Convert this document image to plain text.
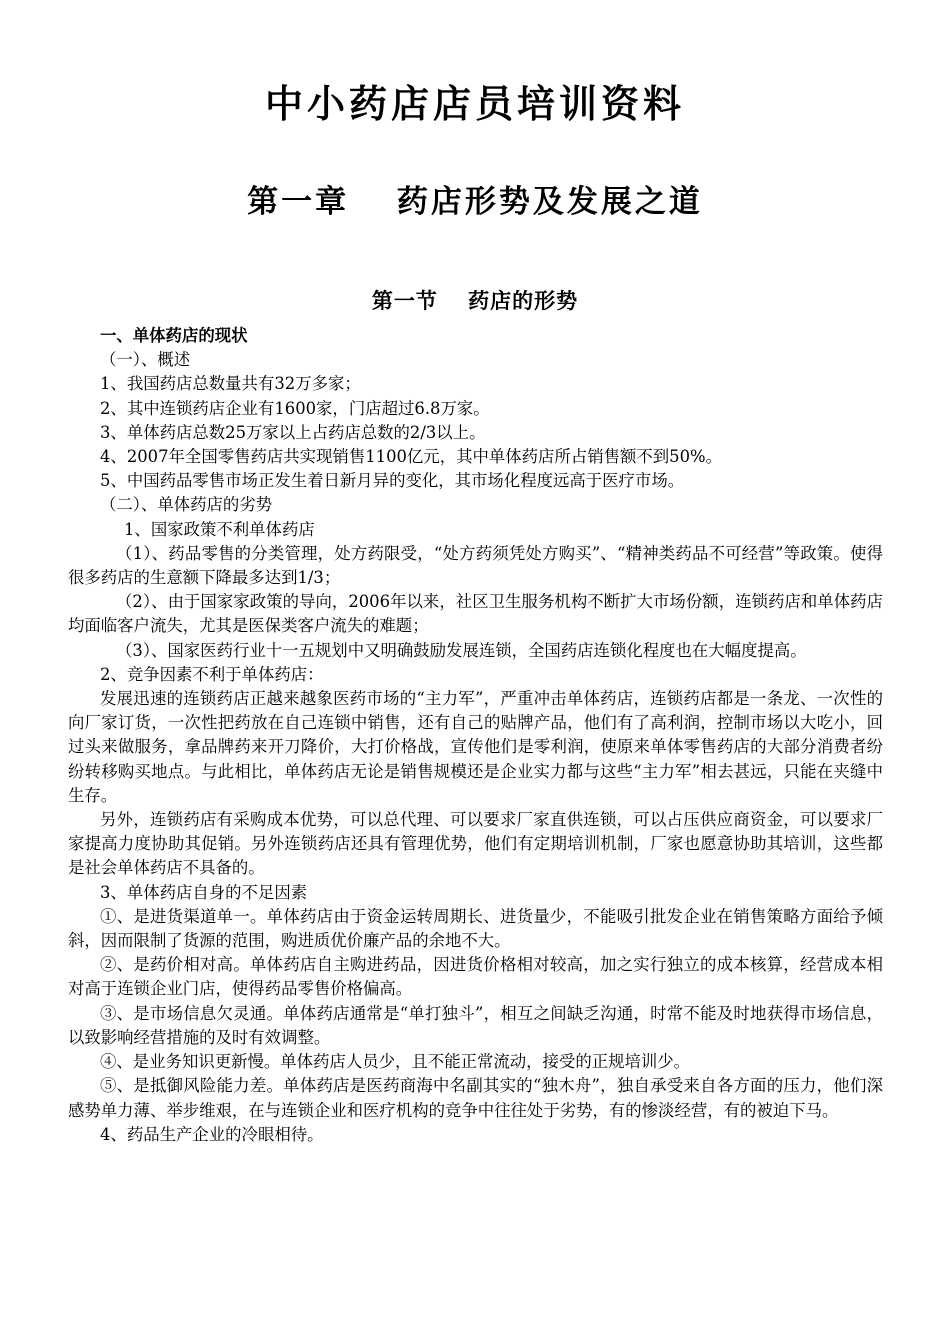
中小药店店员培训资料
第一章　 药店形势及发展之道
第一节　 药店的形势

一、单体药店的现状

（一）、概述

1、我国药店总数量共有32万多家；

2、其中连锁药店企业有1600家，门店超过6.8万家。

3、单体药店总数25万家以上占药店总数的2/3以上。

4、2007年全国零售药店共实现销售1100亿元，其中单体药店所占销售额不到50%。

5、中国药品零售市场正发生着日新月异的变化，其市场化程度远高于医疗市场。

（二）、单体药店的劣势

1、国家政策不利单体药店

（1）、药品零售的分类管理，处方药限受，“处方药须凭处方购买”、“精神类药品不可经营”等政策。使得很多药店的生意额下降最多达到1/3；

（2）、由于国家家政策的导向，2006年以来，社区卫生服务机构不断扩大市场份额，连锁药店和单体药店均面临客户流失，尤其是医保类客户流失的难题；

（3）、国家医药行业十一五规划中又明确鼓励发展连锁，全国药店连锁化程度也在大幅度提高。

2、竞争因素不利于单体药店：

发展迅速的连锁药店正越来越象医药市场的“主力军”，严重冲击单体药店，连锁药店都是一条龙、一次性的向厂家订货，一次性把药放在自己连锁中销售，还有自己的贴牌产品，他们有了高利润，控制市场以大吃小，回过头来做服务，拿品牌药来开刀降价，大打价格战，宣传他们是零利润，使原来单体零售药店的大部分消费者纷纷转移购买地点。与此相比，单体药店无论是销售规模还是企业实力都与这些“主力军”相去甚远，只能在夹缝中生存。

另外，连锁药店有采购成本优势，可以总代理、可以要求厂家直供连锁，可以占压供应商资金，可以要求厂家提高力度协助其促销。另外连锁药店还具有管理优势，他们有定期培训机制，厂家也愿意协助其培训，这些都是社会单体药店不具备的。

3、单体药店自身的不足因素

①、是进货渠道单一。单体药店由于资金运转周期长、进货量少，不能吸引批发企业在销售策略方面给予倾斜，因而限制了货源的范围，购进质优价廉产品的余地不大。

②、是药价相对高。单体药店自主购进药品，因进货价格相对较高，加之实行独立的成本核算，经营成本相对高于连锁企业门店，使得药品零售价格偏高。

③、是市场信息欠灵通。单体药店通常是“单打独斗”，相互之间缺乏沟通，时常不能及时地获得市场信息，以致影响经营措施的及时有效调整。

④、是业务知识更新慢。单体药店人员少，且不能正常流动，接受的正规培训少。

⑤、是抵御风险能力差。单体药店是医药商海中名副其实的“独木舟”，独自承受来自各方面的压力，他们深感势单力薄、举步维艰，在与连锁企业和医疗机构的竞争中往往处于劣势，有的惨淡经营，有的被迫下马。

4、药品生产企业的冷眼相待。
